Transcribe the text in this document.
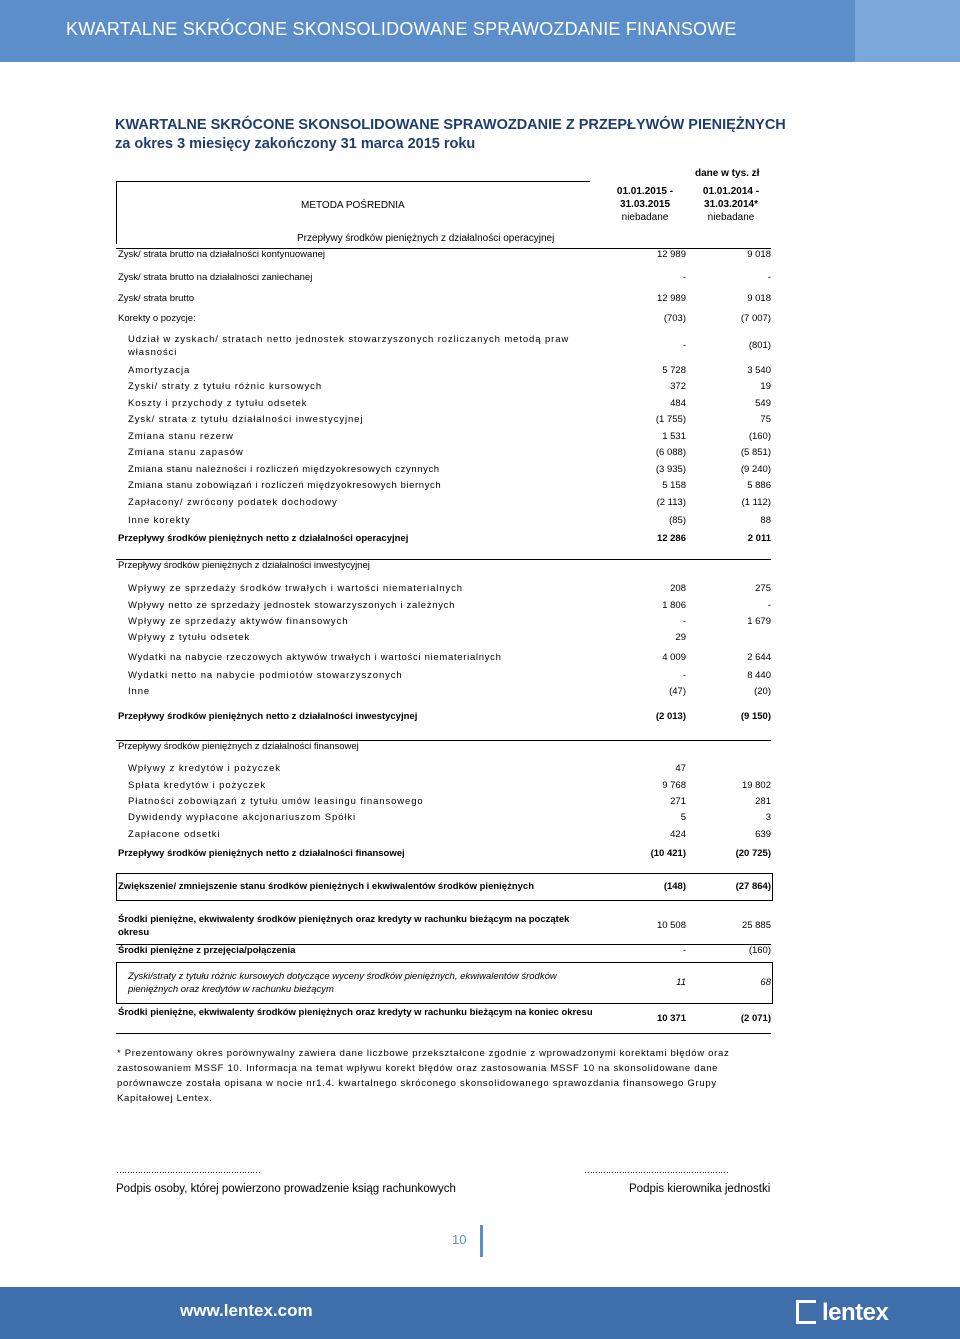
KWARTALNE SKRÓCONE SKONSOLIDOWANE SPRAWOZDANIE FINANSOWE
KWARTALNE SKRÓCONE SKONSOLIDOWANE SPRAWOZDANIE Z PRZEPŁYWÓW PIENIĘŻNYCH
za okres 3 miesięcy zakończony 31 marca 2015 roku
dane w tys. zł
METODA POŚREDNIA
Przepływy środków pieniężnych z działalności operacyjnej
01.01.2015 -
31.03.2015
niebadane
01.01.2014 -
31.03.2014*
niebadane
Zysk/ strata brutto na działalności kontynuowanej	12 989	9 018
Zysk/ strata brutto na działalności zaniechanej	-	-
Zysk/ strata brutto	12 989	9 018
Korekty o pozycje:	(703)	(7 007)
Udział w zyskach/ stratach netto jednostek stowarzyszonych rozliczanych metodą praw własności
-	(801)
Amortyzacja	5 728	3 540
Zyski/ straty z tytułu różnic kursowych	372	19
Koszty i przychody z tytułu odsetek	484	549
Zysk/ strata z tytułu działalności inwestycyjnej	(1 755)	75
Zmiana stanu rezerw	1 531	(160)
Zmiana stanu zapasów	(6 088)	(5 851)
Zmiana stanu należności i rozliczeń międzyokresowych czynnych	(3 935)	(9 240)
Zmiana stanu zobowiązań i rozliczeń międzyokresowych biernych	5 158	5 886
Zapłacony/ zwrócony podatek dochodowy	(2 113)	(1 112)
Inne korekty	(85)	88
Przepływy środków pieniężnych netto z działalności operacyjnej	12 286	2 011
Przepływy środków pieniężnych z działalności inwestycyjnej
Wpływy ze sprzedaży środków trwałych i wartości niematerialnych	208	275
Wpływy netto ze sprzedaży jednostek stowarzyszonych i zależnych	1 806	-
Wpływy ze sprzedaży aktywów finansowych	-	1 679
Wpływy z tytułu odsetek	29
Wydatki na nabycie rzeczowych aktywów trwałych i wartości niematerialnych	4 009	2 644
Wydatki netto na nabycie podmiotów stowarzyszonych	-	8 440
Inne	(47)	(20)
Przepływy środków pieniężnych netto z działalności inwestycyjnej	(2 013)	(9 150)
Przepływy środków pieniężnych z działalności finansowej
Wpływy z kredytów i pożyczek	47
Spłata kredytów i pożyczek	9 768	19 802
Płatności zobowiązań z tytułu umów leasingu finansowego	271	281
Dywidendy wypłacone akcjonariuszom Spółki	5	3
Zapłacone odsetki	424	639
Przepływy środków pieniężnych netto z działalności finansowej	(10 421)	(20 725)
Zwiększenie/ zmniejszenie stanu środków pieniężnych i ekwiwalentów środków pieniężnych	(148)	(27 864)
Środki pieniężne, ekwiwalenty środków pieniężnych oraz kredyty w rachunku bieżącym na początek okresu
10 508	25 885
Środki pieniężne z przejęcia/połączenia	-	(160)
Zyski/straty z tytułu różnic kursowych dotyczące wyceny środków pieniężnych, ekwiwalentów środków pieniężnych oraz kredytów w rachunku bieżącym
11	68
Środki pieniężne, ekwiwalenty środków pieniężnych oraz kredyty w rachunku bieżącym na koniec okresu
10 371	(2 071)
* Prezentowany okres porównywalny zawiera dane liczbowe przekształcone zgodnie z wprowadzonymi korektami błędów oraz zastosowaniem MSSF 10. Informacja na temat wpływu korekt błędów oraz zastosowania MSSF 10 na skonsolidowane dane porównawcze została opisana w nocie nr1.4. kwartalnego skróconego skonsolidowanego sprawozdania finansowego Grupy Kapitałowej Lentex.
………………………………………………	………………………………………………
Podpis osoby, której powierzono prowadzenie ksiąg rachunkowych	Podpis kierownika jednostki
10
www.lentex.com	lentex
